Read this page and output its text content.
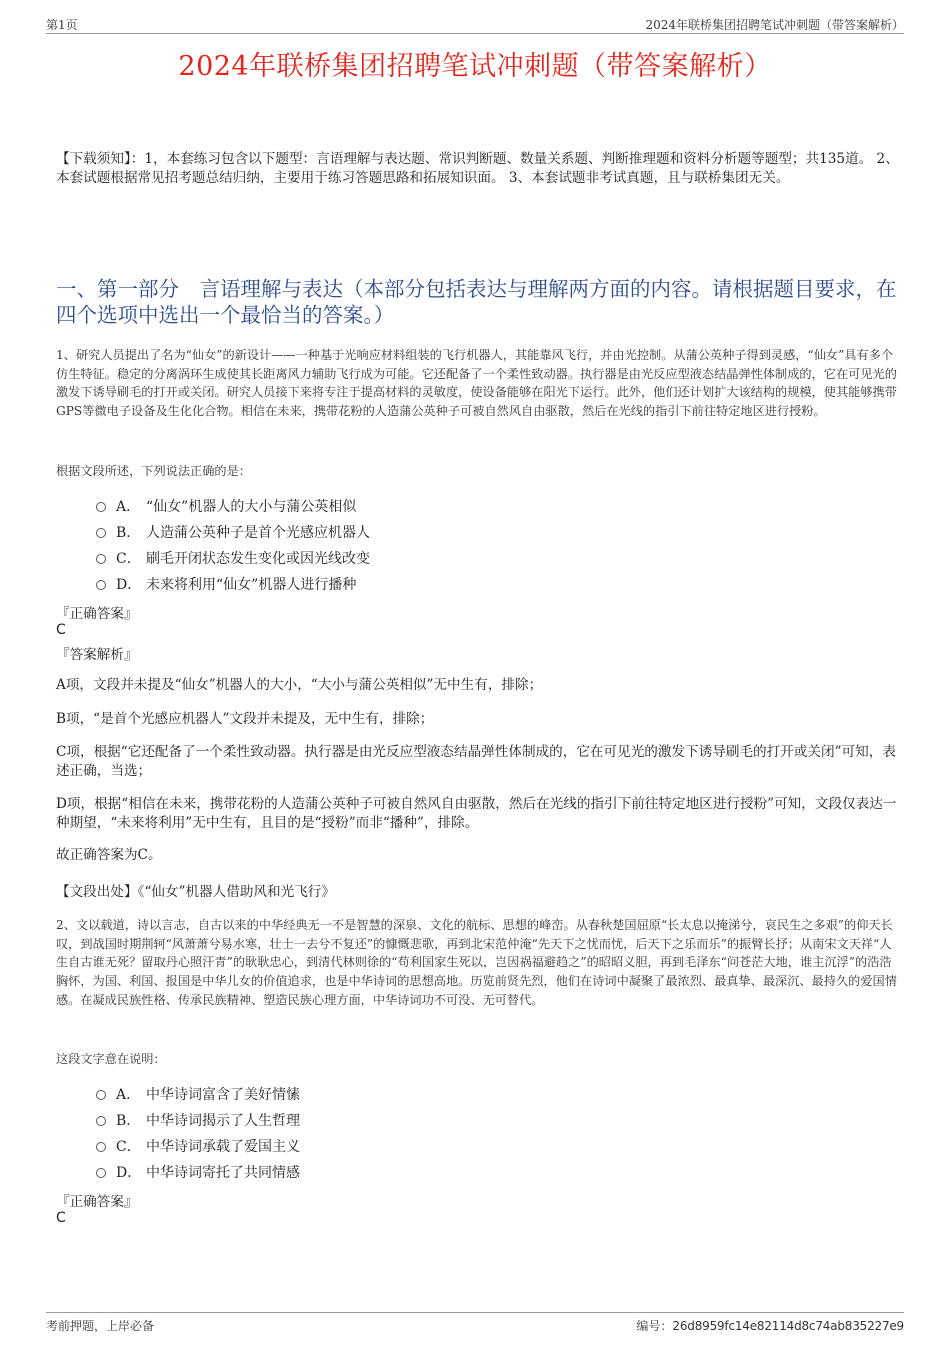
第1页	2024年联桥集团招聘笔试冲刺题（带答案解析）
2024年联桥集团招聘笔试冲刺题（带答案解析）
【下载须知】：1，本套练习包含以下题型：言语理解与表达题、常识判断题、数量关系题、判断推理题和资料分析题等题型；共135道。 2、本套试题根据常见招考题总结归纳，主要用于练习答题思路和拓展知识面。 3、本套试题非考试真题，且与联桥集团无关。
一、第一部分　言语理解与表达（本部分包括表达与理解两方面的内容。请根据题目要求，在四个选项中选出一个最恰当的答案。）
1、研究人员提出了名为“仙女”的新设计——一种基于光响应材料组装的飞行机器人，其能靠风飞行，并由光控制。从蒲公英种子得到灵感，“仙女”具有多个仿生特征。稳定的分离涡环生成使其长距离风力辅助飞行成为可能。它还配备了一个柔性致动器。执行器是由光反应型液态结晶弹性体制成的，它在可见光的激发下诱导刷毛的打开或关闭。研究人员接下来将专注于提高材料的灵敏度，使设备能够在阳光下运行。此外，他们还计划扩大该结构的规模，使其能够携带GPS等微电子设备及生化化合物。相信在未来，携带花粉的人造蒲公英种子可被自然风自由驱散，然后在光线的指引下前往特定地区进行授粉。
根据文段所述，下列说法正确的是：
A． “仙女”机器人的大小与蒲公英相似
B． 人造蒲公英种子是首个光感应机器人
C． 刷毛开闭状态发生变化或因光线改变
D． 未来将利用“仙女”机器人进行播种
『正确答案』
C
『答案解析』
A项，文段并未提及“仙女”机器人的大小，“大小与蒲公英相似”无中生有，排除；
B项，“是首个光感应机器人”文段并未提及，无中生有，排除；
C项，根据“它还配备了一个柔性致动器。执行器是由光反应型液态结晶弹性体制成的，它在可见光的激发下诱导刷毛的打开或关闭”可知，表述正确，当选；
D项，根据“相信在未来，携带花粉的人造蒲公英种子可被自然风自由驱散，然后在光线的指引下前往特定地区进行授粉”可知，文段仅表达一种期望，“未来将利用”无中生有，且目的是“授粉”而非“播种”，排除。
故正确答案为C。
【文段出处】《“仙女”机器人借助风和光飞行》
2、文以载道，诗以言志，自古以来的中华经典无一不是智慧的深泉、文化的航标、思想的峰峦。从春秋楚国屈原“长太息以掩涕兮，哀民生之多艰”的仰天长叹，到战国时期荆轲“风萧萧兮易水寒，壮士一去兮不复还”的慷慨悲歌，再到北宋范仲淹“先天下之忧而忧，后天下之乐而乐”的振臂长抒；从南宋文天祥“人生自古谁无死？留取丹心照汗青”的耿耿忠心，到清代林则徐的“苟利国家生死以，岂因祸福避趋之”的昭昭义胆，再到毛泽东“问苍茫大地，谁主沉浮”的浩浩胸怀，为国、利国、报国是中华儿女的价值追求，也是中华诗词的思想高地。历览前贤先烈，他们在诗词中凝聚了最浓烈、最真挚、最深沉、最持久的爱国情感。在凝成民族性格、传承民族精神、塑造民族心理方面，中华诗词功不可没、无可替代。
这段文字意在说明：
A． 中华诗词富含了美好情愫
B． 中华诗词揭示了人生哲理
C． 中华诗词承载了爱国主义
D． 中华诗词寄托了共同情感
『正确答案』
C
考前押题，上岸必备	编号：26d8959fc14e82114d8c74ab835227e9
